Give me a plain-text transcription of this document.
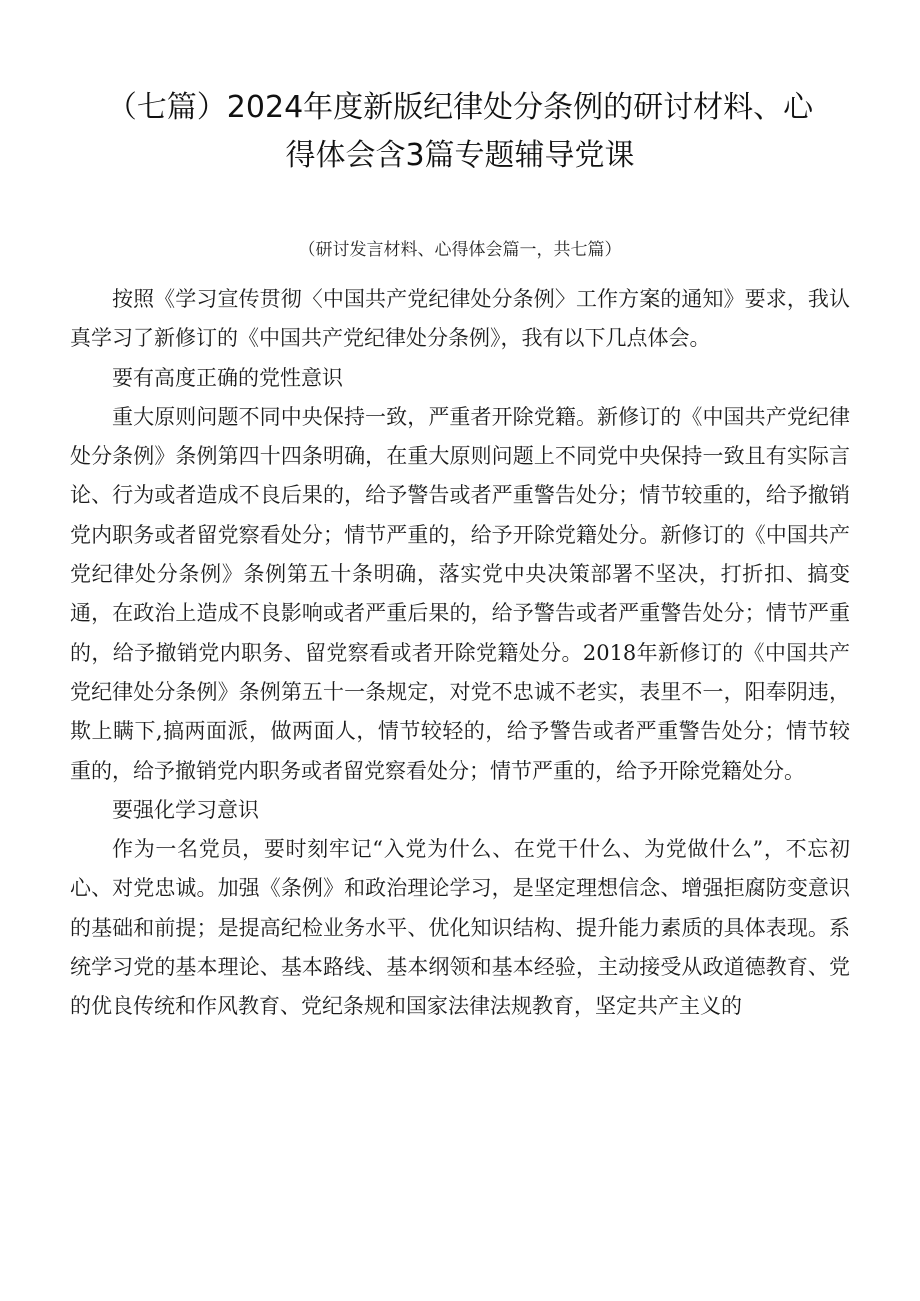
（七篇）2024年度新版纪律处分条例的研讨材料、心
得体会含3篇专题辅导党课

（研讨发言材料、心得体会篇一，共七篇）

按照《学习宣传贯彻〈中国共产党纪律处分条例〉工作方案的通知》要求，我认真学习了新修订的《中国共产党纪律处分条例》，我有以下几点体会。

要有高度正确的党性意识

重大原则问题不同中央保持一致，严重者开除党籍。新修订的《中国共产党纪律处分条例》条例第四十四条明确，在重大原则问题上不同党中央保持一致且有实际言论、行为或者造成不良后果的，给予警告或者严重警告处分；情节较重的，给予撤销党内职务或者留党察看处分；情节严重的，给予开除党籍处分。新修订的《中国共产党纪律处分条例》条例第五十条明确，落实党中央决策部署不坚决，打折扣、搞变通，在政治上造成不良影响或者严重后果的，给予警告或者严重警告处分；情节严重的，给予撤销党内职务、留党察看或者开除党籍处分。2018年新修订的《中国共产党纪律处分条例》条例第五十一条规定，对党不忠诚不老实，表里不一，阳奉阴违，欺上瞒下,搞两面派，做两面人，情节较轻的，给予警告或者严重警告处分；情节较重的，给予撤销党内职务或者留党察看处分；情节严重的，给予开除党籍处分。

要强化学习意识

作为一名党员，要时刻牢记“入党为什么、在党干什么、为党做什么”，不忘初心、对党忠诚。加强《条例》和政治理论学习，是坚定理想信念、增强拒腐防变意识的基础和前提；是提高纪检业务水平、优化知识结构、提升能力素质的具体表现。系统学习党的基本理论、基本路线、基本纲领和基本经验，主动接受从政道德教育、党的优良传统和作风教育、党纪条规和国家法律法规教育，坚定共产主义的
